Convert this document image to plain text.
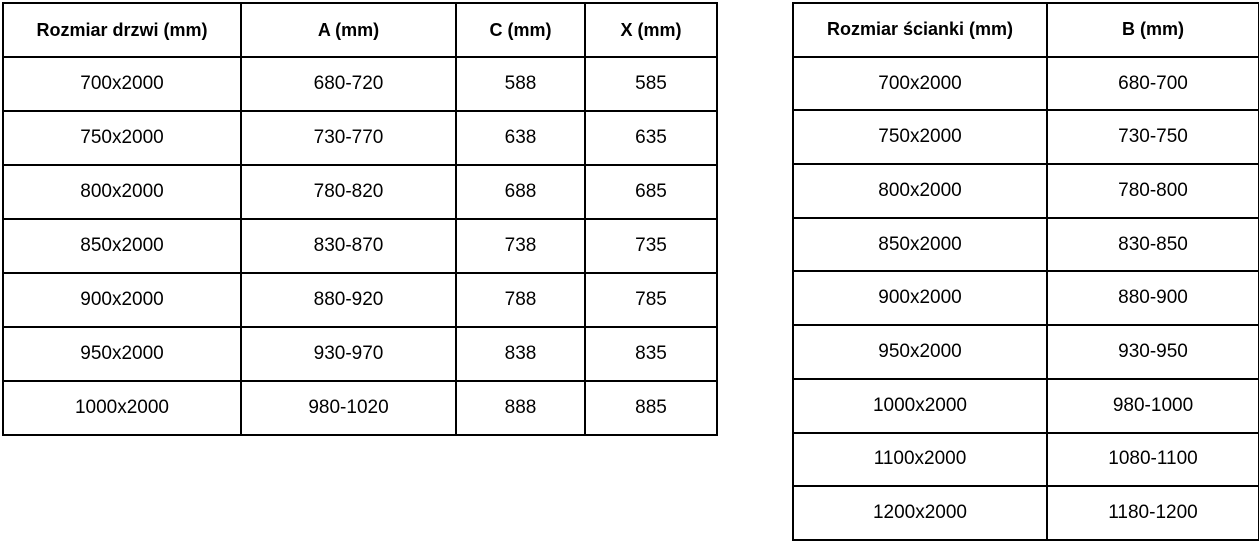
Rozmiar drzwi (mm)	A (mm)	C (mm)	X (mm)
700x2000	680-720	588	585
750x2000	730-770	638	635
800x2000	780-820	688	685
850x2000	830-870	738	735
900x2000	880-920	788	785
950x2000	930-970	838	835
1000x2000	980-1020	888	885
Rozmiar ścianki (mm)	B (mm)
700x2000	680-700
750x2000	730-750
800x2000	780-800
850x2000	830-850
900x2000	880-900
950x2000	930-950
1000x2000	980-1000
1100x2000	1080-1100
1200x2000	1180-1200
